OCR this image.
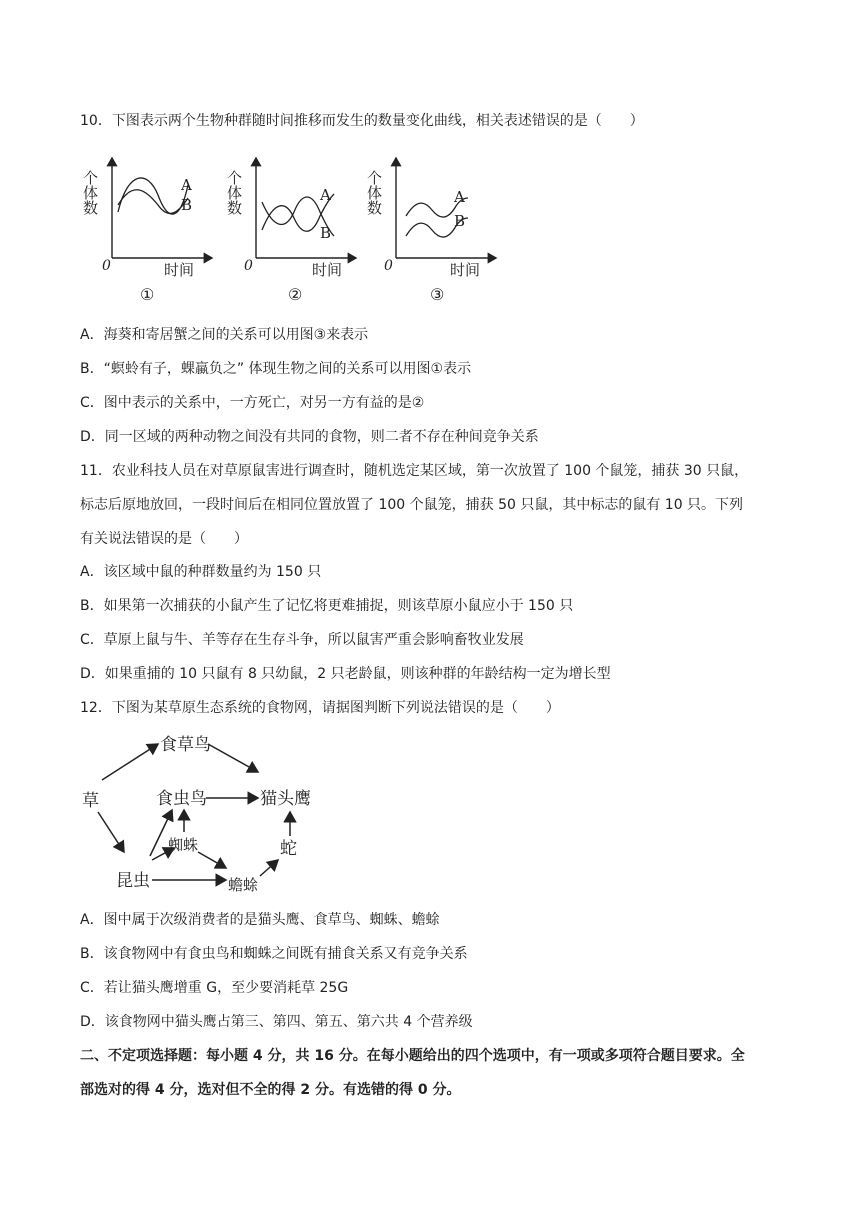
10．下图表示两个生物种群随时间推移而发生的数量变化曲线，相关表述错误的是（　　）
个体数	A
B
0	时间
①
个体数	A
B
0	时间
②
个体数	A
B
0	时间
③
A．海葵和寄居蟹之间的关系可以用图③来表示
B．“螟蛉有子，蜾蠃负之” 体现生物之间的关系可以用图①表示
C．图中表示的关系中，一方死亡，对另一方有益的是②
D．同一区域的两种动物之间没有共同的食物，则二者不存在种间竞争关系
11．农业科技人员在对草原鼠害进行调查时，随机选定某区域，第一次放置了 100 个鼠笼，捕获 30 只鼠，
标志后原地放回，一段时间后在相同位置放置了 100 个鼠笼，捕获 50 只鼠，其中标志的鼠有 10 只。下列
有关说法错误的是（　　）
A．该区域中鼠的种群数量约为 150 只
B．如果第一次捕获的小鼠产生了记忆将更难捕捉，则该草原小鼠应小于 150 只
C．草原上鼠与牛、羊等存在生存斗争，所以鼠害严重会影响畜牧业发展
D．如果重捕的 10 只鼠有 8 只幼鼠，2 只老龄鼠，则该种群的年龄结构一定为增长型
12．下图为某草原生态系统的食物网，请据图判断下列说法错误的是（　　）
草
食草鸟
食虫鸟	猫头鹰
蜘蛛
昆虫	蟾蜍
蛇
A．图中属于次级消费者的是猫头鹰、食草鸟、蜘蛛、蟾蜍
B．该食物网中有食虫鸟和蜘蛛之间既有捕食关系又有竞争关系
C．若让猫头鹰增重 G，至少要消耗草 25G
D．该食物网中猫头鹰占第三、第四、第五、第六共 4 个营养级
二、不定项选择题：每小题 4 分，共 16 分。在每小题给出的四个选项中，有一项或多项符合题目要求。全
部选对的得 4 分，选对但不全的得 2 分。有选错的得 0 分。
